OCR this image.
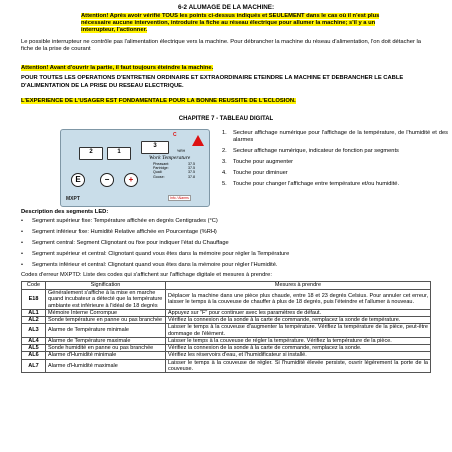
6-2 ALUMAGE DE LA MACHINE:
Attention! Après avoir vérifié TOUS les points ci-dessus indiqués et SEULEMENT dans le cas où il n'est plus nécessaire aucune intervention, introduire la fiche au réseau électrique pour allumer la machine; s'il y a un interrupteur, l'actionner.
Le possible interrupteur ne contrôle pas l'alimentation électrique vers la machine. Pour débrancher la machine du réseau d'alimentation, l'on doit détacher la fiche de la prise de courant
Attention! Avant d'ouvrir la partie, il faut toujours éteindre la machine.
POUR TOUTES LES OPERATIONS D'ENTRETIEN ORDINAIRE ET EXTRAORDINAIRE ETEINDRE LA MACHINE ET DEBRANCHER LE CABLE D'ALIMENTATION DE LA PRISE DU RESEAU ELECTRIQUE.
L'EXPERIENCE DE L'USAGER EST FONDAMENTALE POUR LA BONNE REUSSITE DE L'ECLOSION.
CHAPITRE 7 - TABLEAU DIGITAL
2	1
3
C
%RH
E	−	+
Work Temperature
Pheasant:	37.5
Partridge:	37.5
Quail:	37.5
Goose:	37.8
Info / Alarms
MXPT
1.	Secteur affichage numérique pour l'affichage de la température, de l'humidité et des alarmes
2.	Secteur affichage numérique, indicateur de fonction par segments
3.	Touche pour augmenter
4.	Touche pour diminuer
5.	Touche pour changer l'affichage entre température et/ou humidité.
Description des segments LED:
•	Segment supérieur fixe: Température affichée en degrés Centigrades (°C)
•	Segment inférieur fixe: Humidité Relative affichée en Pourcentage (%RH)
•	Segment central: Segment Clignotant ou fixe pour indiquer l'état du Chauffage
•	Segment supérieur et central: Clignotant quand vous êtes dans la mémoire pour régler la Température
•	Segments inférieur et central: Clignotant quand vous êtes dans la mémoire pour régler l'Humidité.
Codes d'erreur MXPTD: Liste des codes qui s'affichent sur l'affichage digitale et mesures à prendre:
Code	Signification	Mesures à prendre
E18	Généralement s'affiche à la mise en marche quand incubateur a détecté que la température ambiante est inférieure à l'idéal de 18 degrés	Déplacer la machine dans une pièce plus chaude, entre 18 et 23 degrés Celsius. Pour annuler cet erreur, laisser le temps à la couveuse de chauffer à plus de 18 degrés, puis l'éteindre et l'allumer à nouveau.
AL1	Mémoire Interne Corrompue	Appuyez sur "F" pour continuer avec les paramètres de défaut.
AL2	Sonde température en panne ou pas branchée	Vérifiez la connexion de la sonde à la carte de commande, remplacez la sonde de température.
AL3	Alarme de Température minimale	Laisser le temps à la couveuse d'augmenter la température. Vérifiez la température de la pièce, peut-être dommage de l'élément.
AL4	Alarme de Température maximale	Laisser le temps à la couveuse de régler la température. Vérifiez la température de la pièce.
AL5	Sonde humidité en panne ou pas branchée	Vérifiez la connexion de la sonde à la carte de commande, remplacez la sonde.
AL6	Alarme d'Humidité minimale	Vérifiez les réservoirs d'eau, et l'humidificateur si installé.
AL7	Alarme d'Humidité maximale	Laisser le temps à la couveuse de régler. Si l'humidité élevée persiste, ouvrir légèrement la porte de la couveuse.
